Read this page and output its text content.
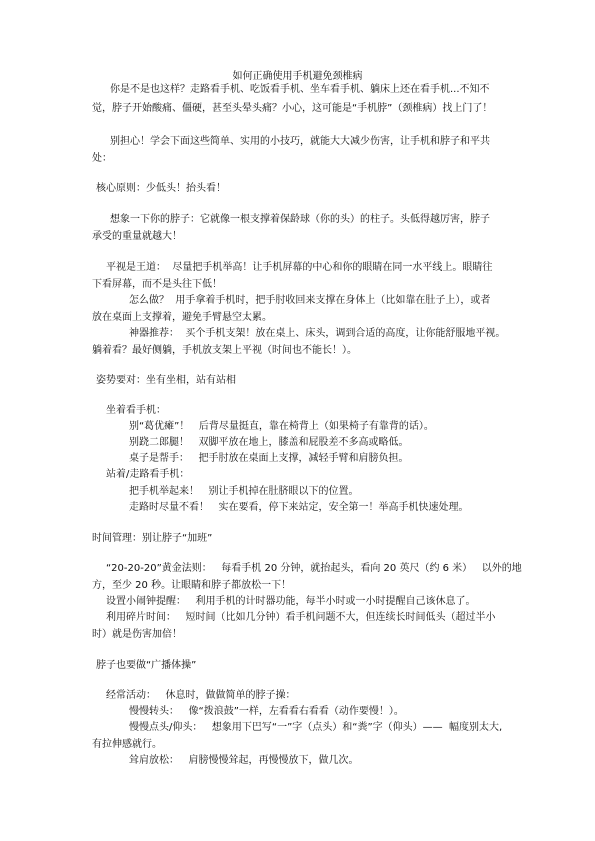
如何正确使用手机避免颈椎病
你是不是也这样？走路看手机、吃饭看手机、坐车看手机、躺床上还在看手机...不知不
觉，脖子开始酸痛、僵硬，甚至头晕头痛？小心，这可能是“手机脖”（颈椎病）找上门了！
别担心！学会下面这些简单、实用的小技巧，就能大大减少伤害，让手机和脖子和平共
处：
核心原则：少低头！抬头看！
想象一下你的脖子：它就像一根支撑着保龄球（你的头）的柱子。头低得越厉害，脖子
承受的重量就越大！
平视是王道：  尽量把手机举高！让手机屏幕的中心和你的眼睛在同一水平线上。眼睛往
下看屏幕，而不是头往下低！
怎么做？  用手拿着手机时，把手肘收回来支撑在身体上（比如靠在肚子上），或者
放在桌面上支撑着，避免手臂悬空太累。
神器推荐：  买个手机支架！放在桌上、床头，调到合适的高度，让你能舒服地平视。
躺着看？最好侧躺，手机放支架上平视（时间也不能长！）。
姿势要对：坐有坐相，站有站相
坐着看手机：
别“葛优瘫”！   后背尽量挺直，靠在椅背上（如果椅子有靠背的话）。
别跷二郎腿！   双脚平放在地上，膝盖和屁股差不多高或略低。
桌子是帮手：   把手肘放在桌面上支撑，减轻手臂和肩膀负担。
站着/走路看手机：
把手机举起来！   别让手机掉在肚脐眼以下的位置。
走路时尽量不看！   实在要看，停下来站定，安全第一！举高手机快速处理。
时间管理：别让脖子“加班”
“20-20-20”黄金法则：   每看手机 20 分钟，就抬起头，看向 20 英尺（约 6 米）   以外的地
方，至少 20 秒。让眼睛和脖子都放松一下！
设置小闹钟提醒：   利用手机的计时器功能，每半小时或一小时提醒自己该休息了。
利用碎片时间：   短时间（比如几分钟）看手机问题不大，但连续长时间低头（超过半小
时）就是伤害加倍！
脖子也要做“广播体操”
经常活动：   休息时，做做简单的脖子操：
慢慢转头：   像“拨浪鼓”一样，左看看右看看（动作要慢！）。
慢慢点头/仰头：   想象用下巴写“一”字（点头）和“粪”字（仰头）——  幅度别太大,
有拉伸感就行。
耸肩放松：   肩膀慢慢耸起，再慢慢放下，做几次。
